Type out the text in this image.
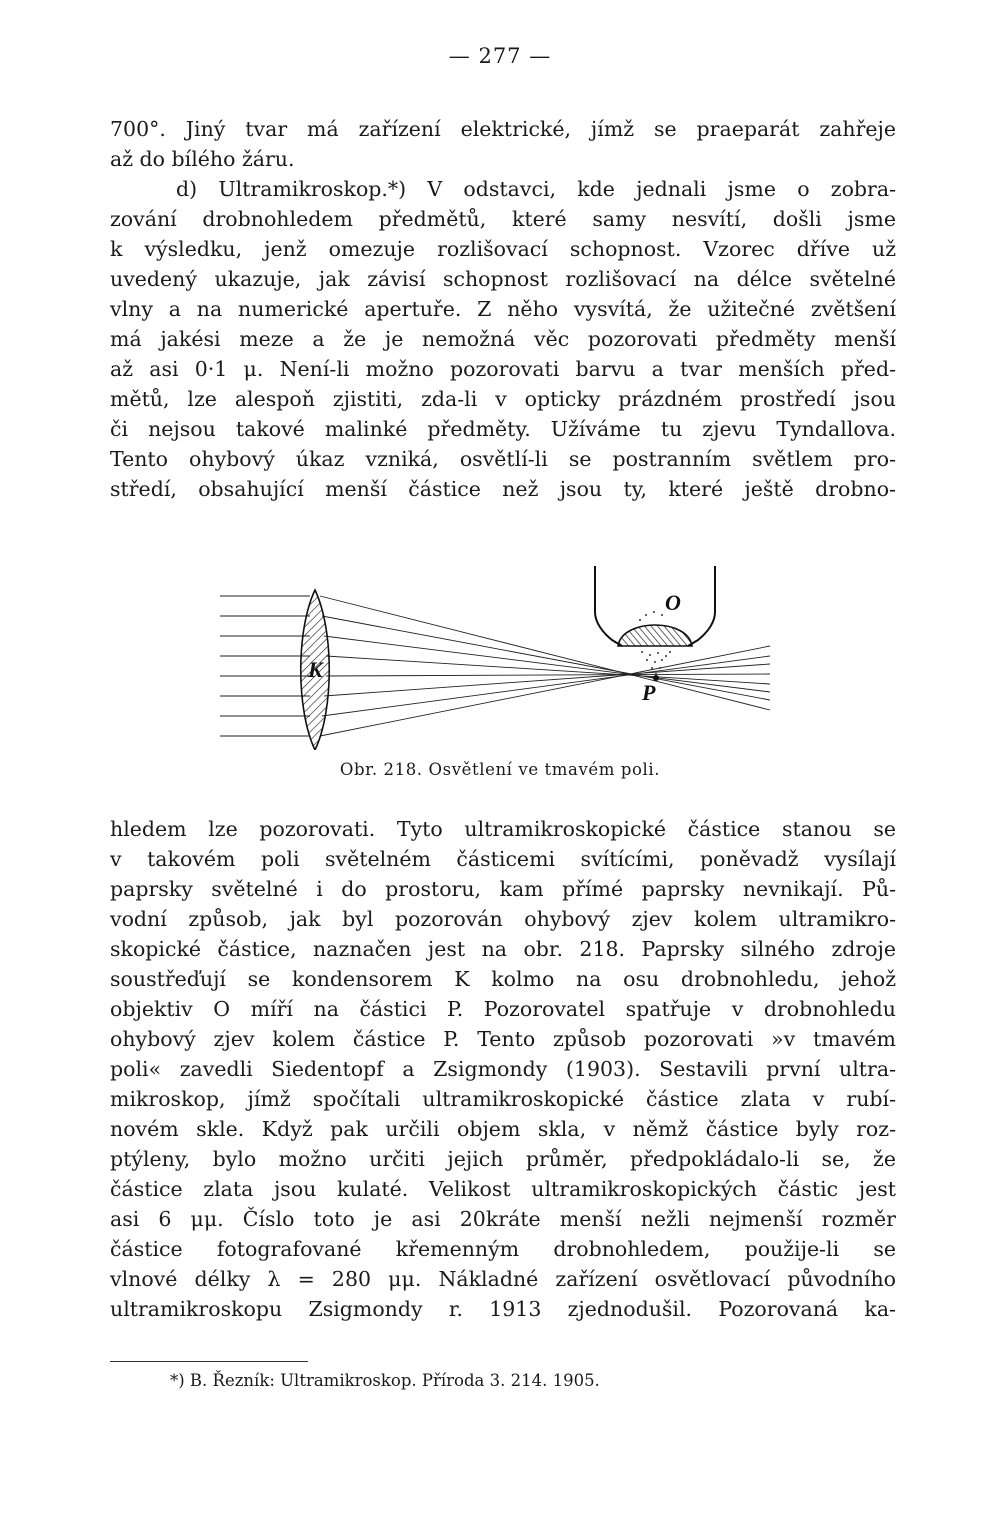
— 277 —
700°. Jiný tvar má zařízení elektrické, jímž se praeparát zahřeje
až do bílého žáru.
d) Ultramikroskop.*) V odstavci, kde jednali jsme o zobra-
zování drobnohledem předmětů, které samy nesvítí, došli jsme
k výsledku, jenž omezuje rozlišovací schopnost. Vzorec dříve už
uvedený ukazuje, jak závisí schopnost rozlišovací na délce světelné
vlny a na numerické apertuře. Z něho vysvítá, že užitečné zvětšení
má jakési meze a že je nemožná věc pozorovati předměty menší
až asi 0·1 μ. Není-li možno pozorovati barvu a tvar menších před-
mětů, lze alespoň zjistiti, zda-li v opticky prázdném prostředí jsou
či nejsou takové malinké předměty. Užíváme tu zjevu Tyndallova.
Tento ohybový úkaz vzniká, osvětlí-li se postranním světlem pro-
středí, obsahující menší částice než jsou ty, které ještě drobno-
K
O
P
Obr. 218. Osvětlení ve tmavém poli.
hledem lze pozorovati. Tyto ultramikroskopické částice stanou se
v takovém poli světelném částicemi svítícími, poněvadž vysílají
paprsky světelné i do prostoru, kam přímé paprsky nevnikají. Pů-
vodní způsob, jak byl pozorován ohybový zjev kolem ultramikro-
skopické částice, naznačen jest na obr. 218. Paprsky silného zdroje
soustřeďují se kondensorem K kolmo na osu drobnohledu, jehož
objektiv O míří na částici P. Pozorovatel spatřuje v drobnohledu
ohybový zjev kolem částice P. Tento způsob pozorovati »v tmavém
poli« zavedli Siedentopf a Zsigmondy (1903). Sestavili první ultra-
mikroskop, jímž spočítali ultramikroskopické částice zlata v rubí-
novém skle. Když pak určili objem skla, v němž částice byly roz-
ptýleny, bylo možno určiti jejich průměr, předpokládalo-li se, že
částice zlata jsou kulaté. Velikost ultramikroskopických částic jest
asi 6 μμ. Číslo toto je asi 20kráte menší nežli nejmenší rozměr
částice fotografované křemenným drobnohledem, použije-li se
vlnové délky λ = 280 μμ. Nákladné zařízení osvětlovací původního
ultramikroskopu Zsigmondy r. 1913 zjednodušil. Pozorovaná ka-
*) B. Řezník: Ultramikroskop. Příroda 3. 214. 1905.
